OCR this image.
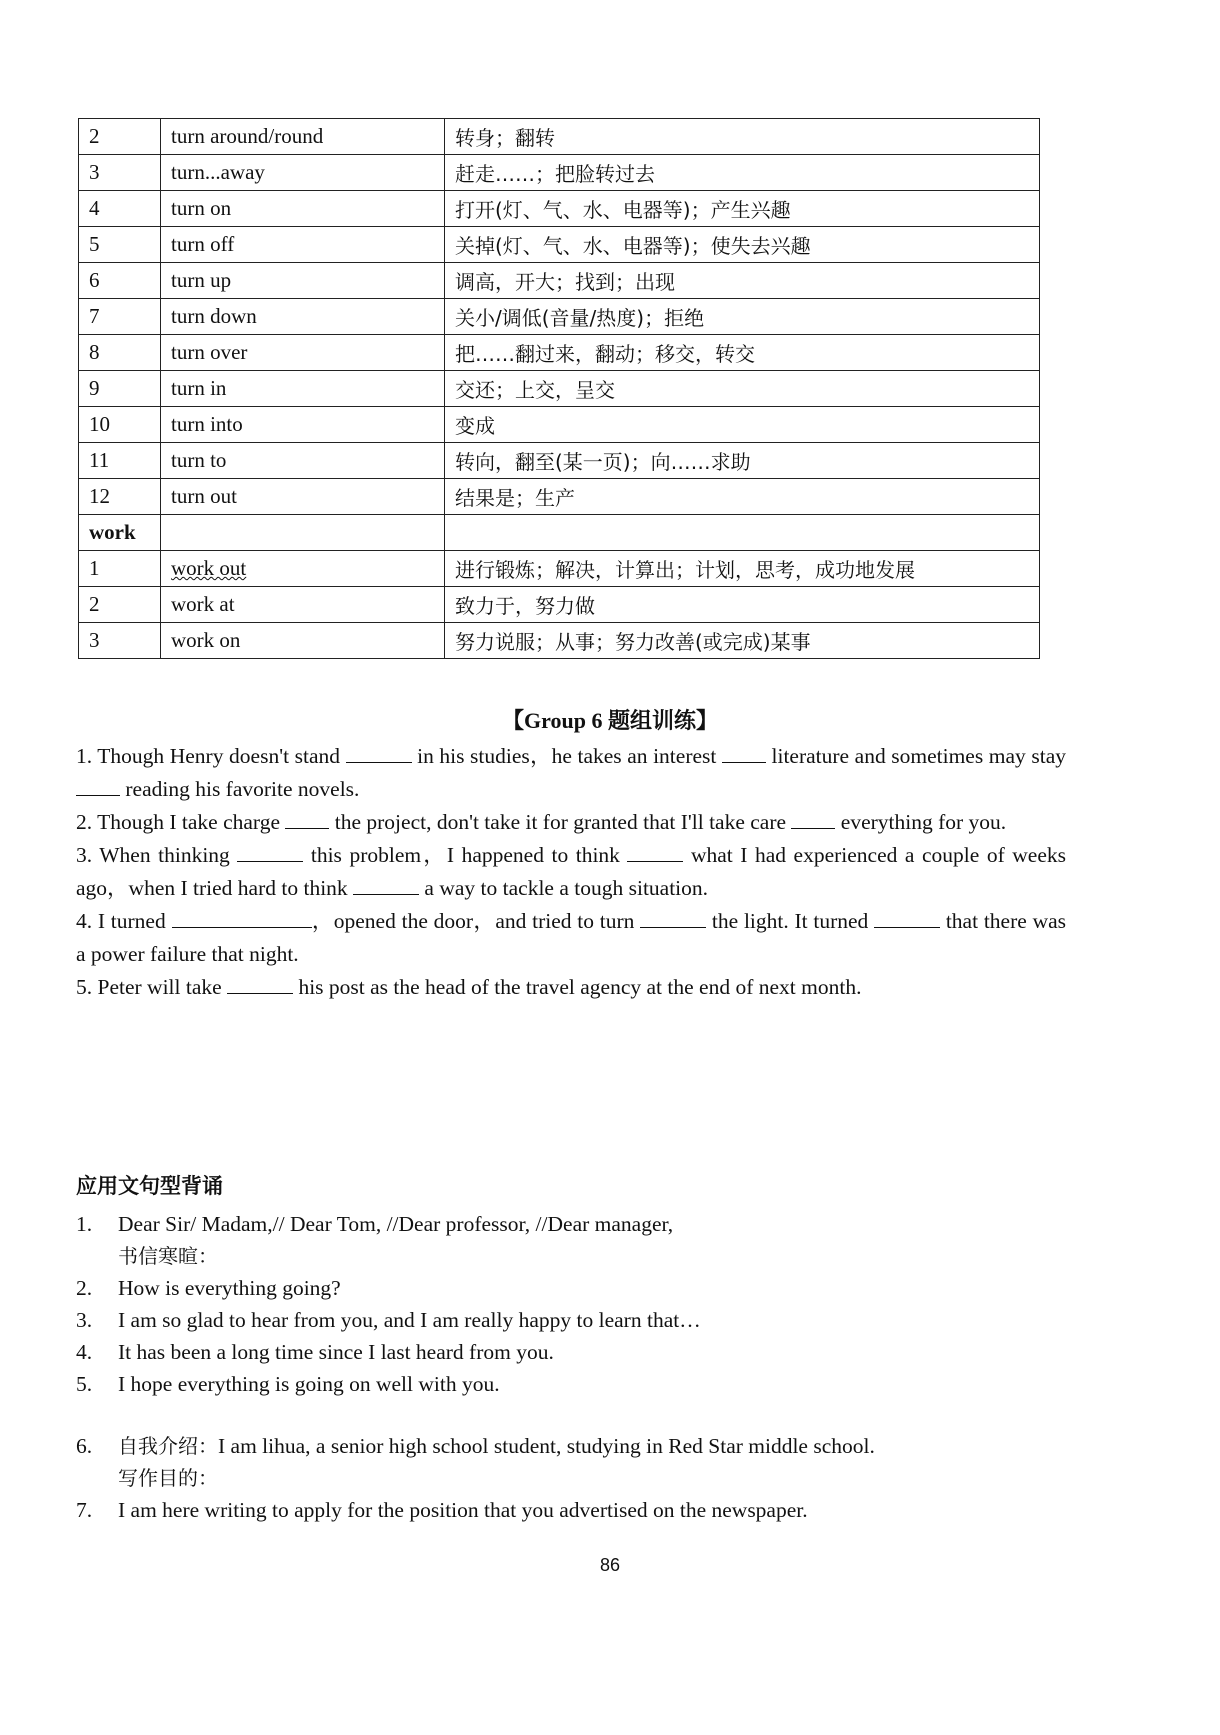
2	turn around/round	转身；翻转
3	turn...away	赶走……；把脸转过去
4	turn on	打开(灯、气、水、电器等)；产生兴趣
5	turn off	关掉(灯、气、水、电器等)；使失去兴趣
6	turn up	调高，开大；找到；出现
7	turn down	关小/调低(音量/热度)；拒绝
8	turn over	把……翻过来，翻动；移交，转交
9	turn in	交还；上交，呈交
10	turn into	变成
11	turn to	转向，翻至(某一页)；向……求助
12	turn out	结果是；生产
work		
1	work out	进行锻炼；解决，计算出；计划，思考，成功地发展
2	work at	致力于，努力做
3	work on	努力说服；从事；努力改善(或完成)某事
【Group 6 题组训练】

1. Though Henry doesn't stand	in his studies，he takes an interest  literature and sometimes may stay  reading his favorite novels.

2. Though I take charge  the project, don't take it for granted that I'll take care  everything for you.

3. When thinking	this problem，I happened to think	what I had experienced a couple of weeks ago，when I tried hard to think	a way to tackle a tough situation.

4. I turned	，opened the door，and tried to turn	the light. It turned	that there was a power failure that night.

5. Peter will take	his post as the head of the travel agency at the end of next month.

应用文句型背诵
1. Dear Sir/ Madam,// Dear Tom, //Dear professor, //Dear manager,
书信寒暄：
2. How is everything going?
3. I am so glad to hear from you, and I am really happy to learn that…
4. It has been a long time since I last heard from you.
5. I hope everything is going on well with you.
6. 自我介绍：I am lihua, a senior high school student, studying in Red Star middle school.
写作目的：
7. I am here writing to apply for the position that you advertised on the newspaper.
86
